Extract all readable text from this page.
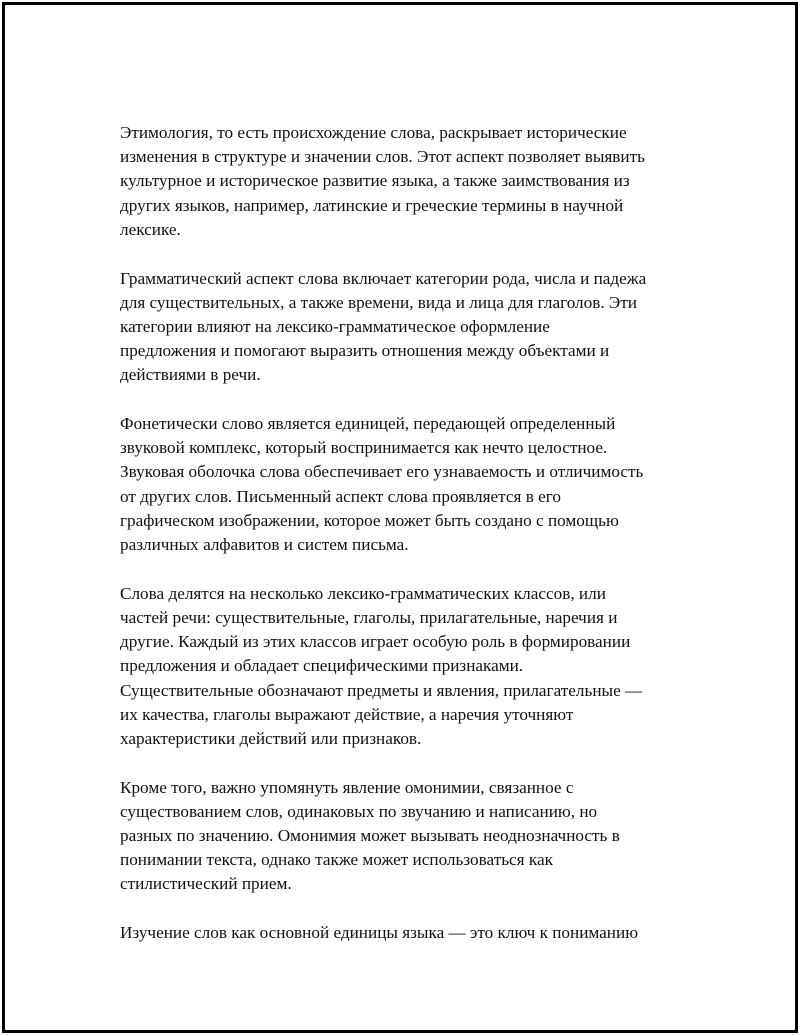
Этимология, то есть происхождение слова, раскрывает исторические
изменения в структуре и значении слов. Этот аспект позволяет выявить
культурное и историческое развитие языка, а также заимствования из
других языков, например, латинские и греческие термины в научной
лексике.

Грамматический аспект слова включает категории рода, числа и падежа
для существительных, а также времени, вида и лица для глаголов. Эти
категории влияют на лексико-грамматическое оформление
предложения и помогают выразить отношения между объектами и
действиями в речи.

Фонетически слово является единицей, передающей определенный
звуковой комплекс, который воспринимается как нечто целостное.
Звуковая оболочка слова обеспечивает его узнаваемость и отличимость
от других слов. Письменный аспект слова проявляется в его
графическом изображении, которое может быть создано с помощью
различных алфавитов и систем письма.

Слова делятся на несколько лексико-грамматических классов, или
частей речи: существительные, глаголы, прилагательные, наречия и
другие. Каждый из этих классов играет особую роль в формировании
предложения и обладает специфическими признаками.
Существительные обозначают предметы и явления, прилагательные —
их качества, глаголы выражают действие, а наречия уточняют
характеристики действий или признаков.

Кроме того, важно упомянуть явление омонимии, связанное с
существованием слов, одинаковых по звучанию и написанию, но
разных по значению. Омонимия может вызывать неоднозначность в
понимании текста, однако также может использоваться как
стилистический прием.

Изучение слов как основной единицы языка — это ключ к пониманию
